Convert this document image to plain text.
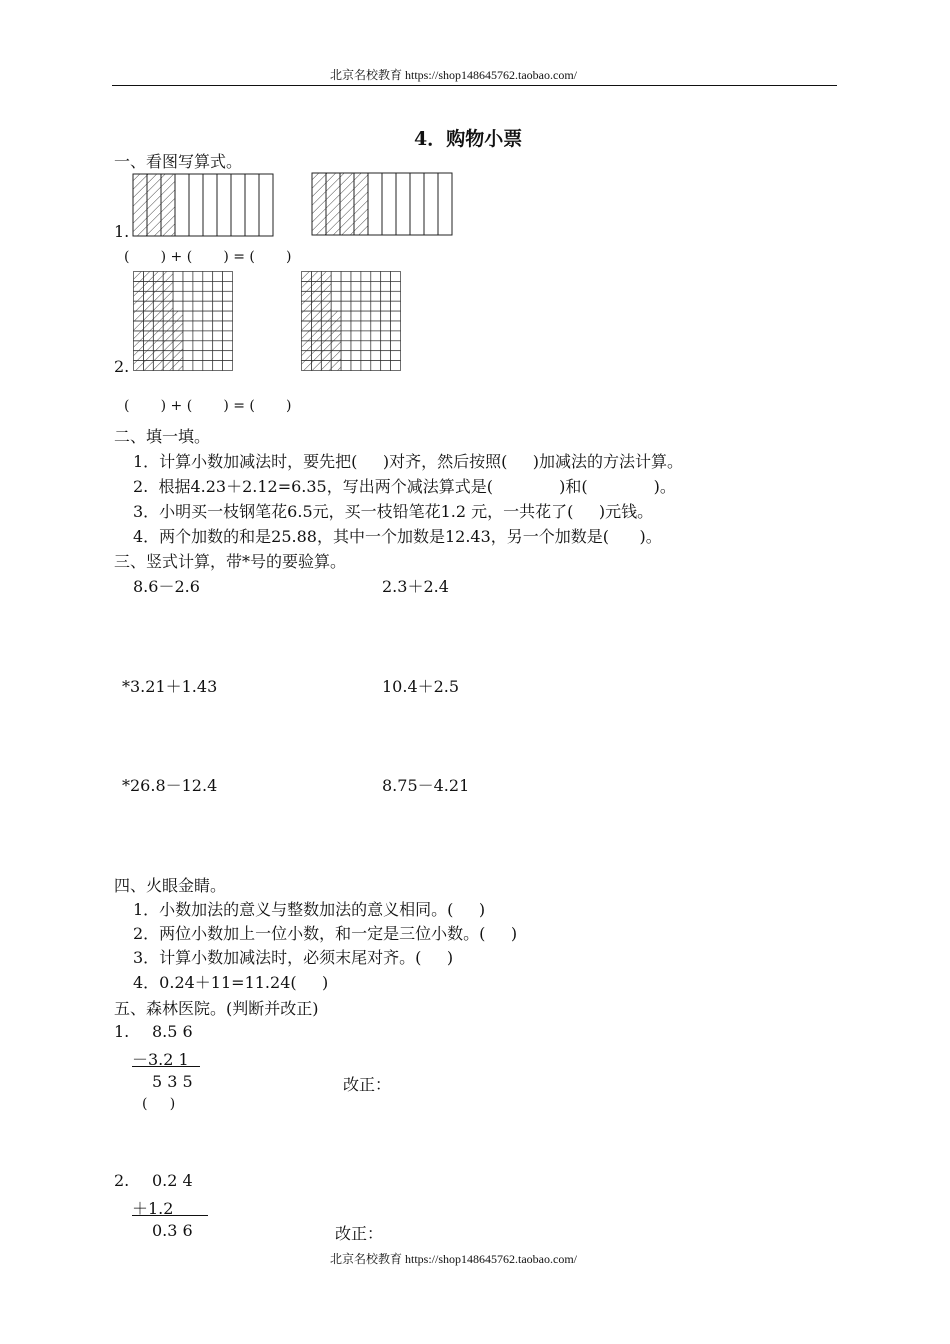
北京名校教育 https://shop148645762.taobao.com/
4．购物小票
一、看图写算式。
1.
(       ) + (       ) = (       )
2.
(       ) + (       ) = (       )
二、填一填。
1．计算小数加减法时，要先把(     )对齐，然后按照(     )加减法的方法计算。
2.  根据4.23＋2.12=6.35，写出两个减法算式是(             )和(             )。
3．小明买一枝钢笔花6.5元，买一枝铅笔花1.2 元，一共花了(     )元钱。
4．两个加数的和是25.88，其中一个加数是12.43，另一个加数是(      )。
三、竖式计算，带*号的要验算。
8.6－2.6	2.3＋2.4
*3.21＋1.43	10.4＋2.5
*26.8－12.4	8.75－4.21
四、火眼金睛。
1．小数加法的意义与整数加法的意义相同。(     )
2．两位小数加上一位小数，和一定是三位小数。(     )
3．计算小数加减法时，必须末尾对齐。(     )
4．0.24＋11=11.24(     )
五、森林医院。(判断并改正)
1. 8.5 6
－3.2 1
5 3 5	改正：
(     )
2. 0.2 4
＋1.2
0.3 6	改正：
北京名校教育 https://shop148645762.taobao.com/
